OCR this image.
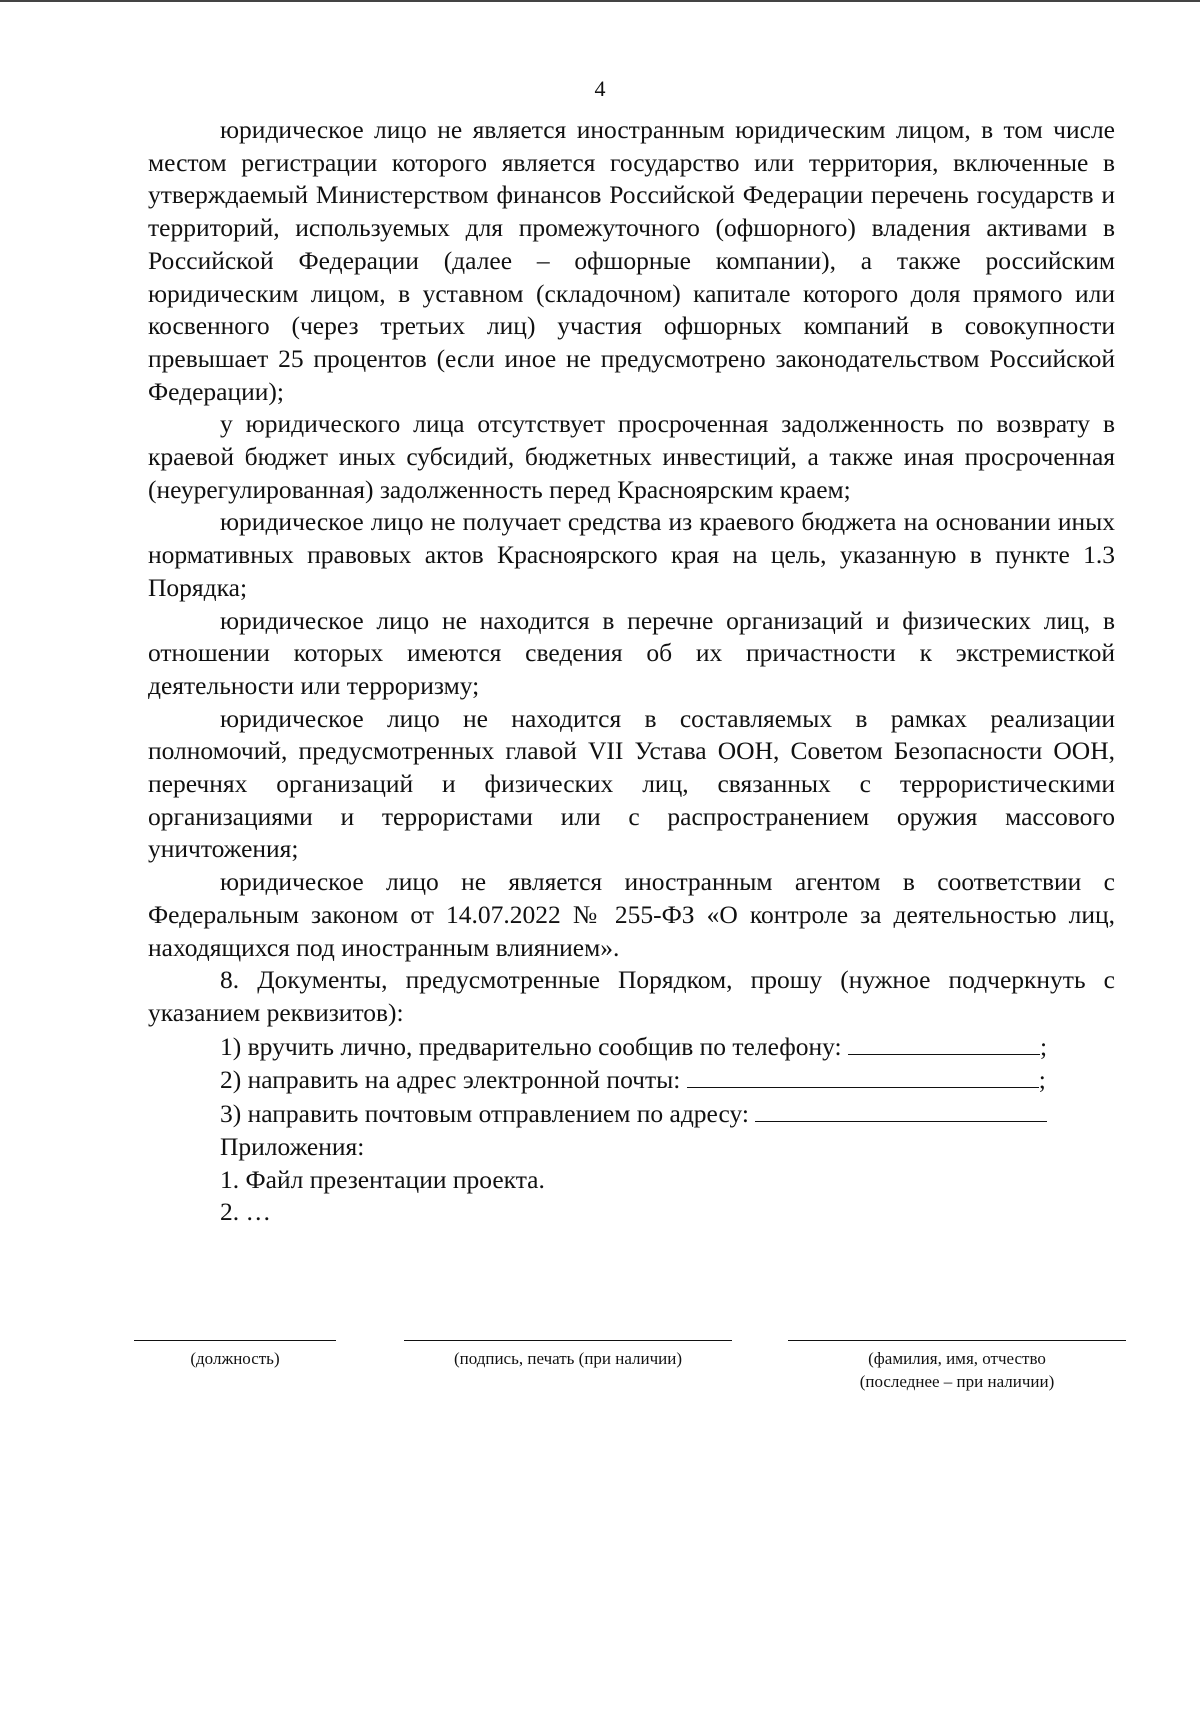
4

юридическое лицо не является иностранным юридическим лицом, в том числе местом регистрации которого является государство или территория, включенные в утверждаемый Министерством финансов Российской Федерации перечень государств и территорий, используемых для промежуточного (офшорного) владения активами в Российской Федерации (далее – офшорные компании), а также российским юридическим лицом, в уставном (складочном) капитале которого доля прямого или косвенного (через третьих лиц) участия офшорных компаний в совокупности превышает 25 процентов (если иное не предусмотрено законодательством Российской Федерации);

у юридического лица отсутствует просроченная задолженность по возврату в краевой бюджет иных субсидий, бюджетных инвестиций, а также иная просроченная (неурегулированная) задолженность перед Красноярским краем;

юридическое лицо не получает средства из краевого бюджета на основании иных нормативных правовых актов Красноярского края на цель, указанную в пункте 1.3 Порядка;

юридическое лицо не находится в перечне организаций и физических лиц, в отношении которых имеются сведения об их причастности к экстремисткой деятельности или терроризму;

юридическое лицо не находится в составляемых в рамках реализации полномочий, предусмотренных главой VII Устава ООН, Советом Безопасности ООН, перечнях организаций и физических лиц, связанных с террористическими организациями и террористами или с распространением оружия массового уничтожения;

юридическое лицо не является иностранным агентом в соответствии с Федеральным законом от 14.07.2022 № 255-ФЗ «О контроле за деятельностью лиц, находящихся под иностранным влиянием».

8. Документы, предусмотренные Порядком, прошу (нужное подчеркнуть с указанием реквизитов):

1) вручить лично, предварительно сообщив по телефону:	;

2) направить на адрес электронной почты:	;

3) направить почтовым отправлением по адресу:

Приложения:

1. Файл презентации проекта.

2. …

(должность)	(подпись, печать (при наличии)	(фамилия, имя, отчество
(последнее – при наличии)
